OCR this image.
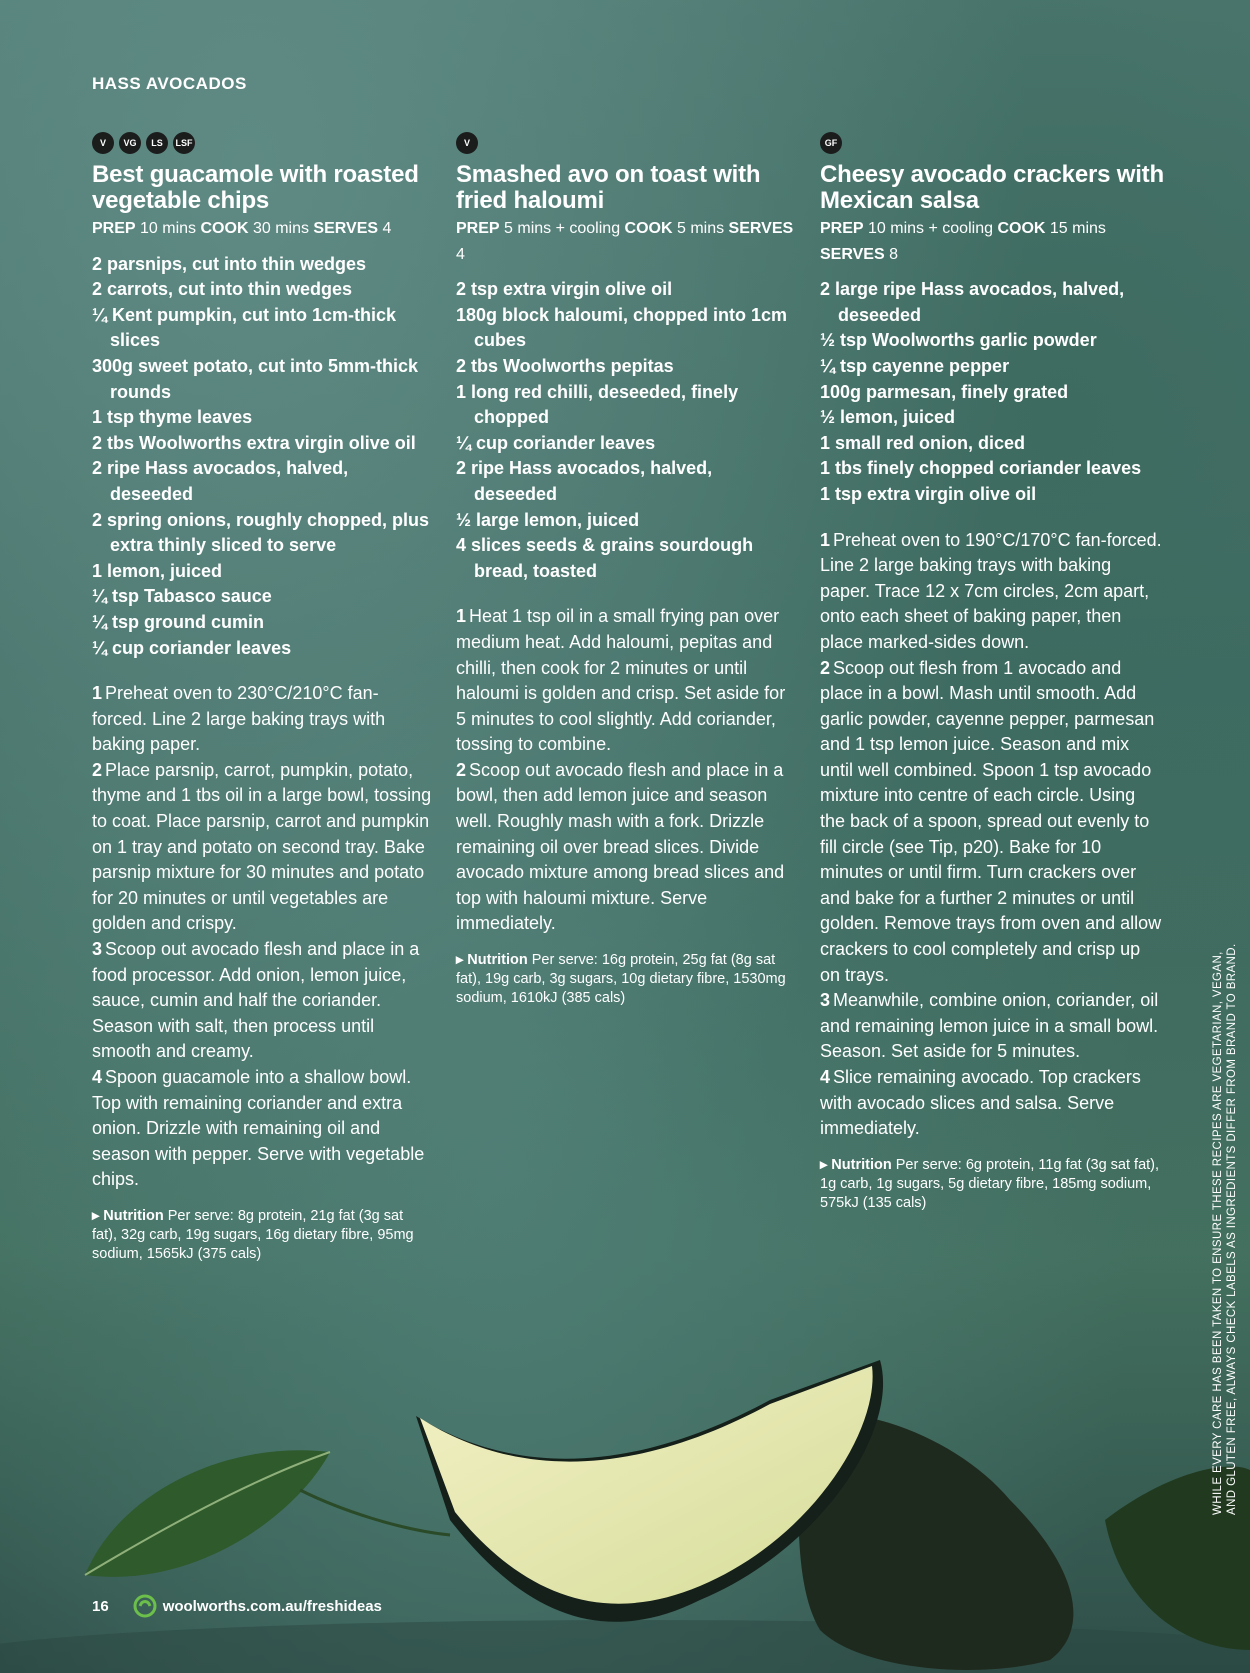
HASS AVOCADOS
V	VG	LS	LSF
Best guacamole with roasted vegetable chips
PREP 10 mins COOK 30 mins SERVES 4
2 parsnips, cut into thin wedges
2 carrots, cut into thin wedges
¼ Kent pumpkin, cut into 1cm-thick slices
300g sweet potato, cut into 5mm-thick rounds
1 tsp thyme leaves
2 tbs Woolworths extra virgin olive oil
2 ripe Hass avocados, halved, deseeded
2 spring onions, roughly chopped, plus extra thinly sliced to serve
1 lemon, juiced
¼ tsp Tabasco sauce
¼ tsp ground cumin
¼ cup coriander leaves
1 Preheat oven to 230°C/210°C fan-forced. Line 2 large baking trays with baking paper.
2 Place parsnip, carrot, pumpkin, potato, thyme and 1 tbs oil in a large bowl, tossing to coat. Place parsnip, carrot and pumpkin on 1 tray and potato on second tray. Bake parsnip mixture for 30 minutes and potato for 20 minutes or until vegetables are golden and crispy.
3 Scoop out avocado flesh and place in a food processor. Add onion, lemon juice, sauce, cumin and half the coriander. Season with salt, then process until smooth and creamy.
4 Spoon guacamole into a shallow bowl. Top with remaining coriander and extra onion. Drizzle with remaining oil and season with pepper. Serve with vegetable chips.
▸ Nutrition Per serve: 8g protein, 21g fat (3g sat fat), 32g carb, 19g sugars, 16g dietary fibre, 95mg sodium, 1565kJ (375 cals)
V
Smashed avo on toast with fried haloumi
PREP 5 mins + cooling COOK 5 mins SERVES 4
2 tsp extra virgin olive oil
180g block haloumi, chopped into 1cm cubes
2 tbs Woolworths pepitas
1 long red chilli, deseeded, finely chopped
¼ cup coriander leaves
2 ripe Hass avocados, halved, deseeded
½ large lemon, juiced
4 slices seeds & grains sourdough bread, toasted
1 Heat 1 tsp oil in a small frying pan over medium heat. Add haloumi, pepitas and chilli, then cook for 2 minutes or until haloumi is golden and crisp. Set aside for 5 minutes to cool slightly. Add coriander, tossing to combine.
2 Scoop out avocado flesh and place in a bowl, then add lemon juice and season well. Roughly mash with a fork. Drizzle remaining oil over bread slices. Divide avocado mixture among bread slices and top with haloumi mixture. Serve immediately.
▸ Nutrition Per serve: 16g protein, 25g fat (8g sat fat), 19g carb, 3g sugars, 10g dietary fibre, 1530mg sodium, 1610kJ (385 cals)
GF
Cheesy avocado crackers with Mexican salsa
PREP 10 mins + cooling COOK 15 mins SERVES 8
2 large ripe Hass avocados, halved, deseeded
½ tsp Woolworths garlic powder
¼ tsp cayenne pepper
100g parmesan, finely grated
½ lemon, juiced
1 small red onion, diced
1 tbs finely chopped coriander leaves
1 tsp extra virgin olive oil
1 Preheat oven to 190°C/170°C fan-forced. Line 2 large baking trays with baking paper. Trace 12 x 7cm circles, 2cm apart, onto each sheet of baking paper, then place marked-sides down.
2 Scoop out flesh from 1 avocado and place in a bowl. Mash until smooth. Add garlic powder, cayenne pepper, parmesan and 1 tsp lemon juice. Season and mix until well combined. Spoon 1 tsp avocado mixture into centre of each circle. Using the back of a spoon, spread out evenly to fill circle (see Tip, p20). Bake for 10 minutes or until firm. Turn crackers over and bake for a further 2 minutes or until golden. Remove trays from oven and allow crackers to cool completely and crisp up on trays.
3 Meanwhile, combine onion, coriander, oil and remaining lemon juice in a small bowl. Season. Set aside for 5 minutes.
4 Slice remaining avocado. Top crackers with avocado slices and salsa. Serve immediately.
▸ Nutrition Per serve: 6g protein, 11g fat (3g sat fat), 1g carb, 1g sugars, 5g dietary fibre, 185mg sodium, 575kJ (135 cals)	WHILE EVERY CARE HAS BEEN TAKEN TO ENSURE THESE RECIPES ARE VEGETARIAN, VEGAN, AND GLUTEN FREE, ALWAYS CHECK LABELS AS INGREDIENTS DIFFER FROM BRAND TO BRAND.
16	woolworths.com.au/freshideas
